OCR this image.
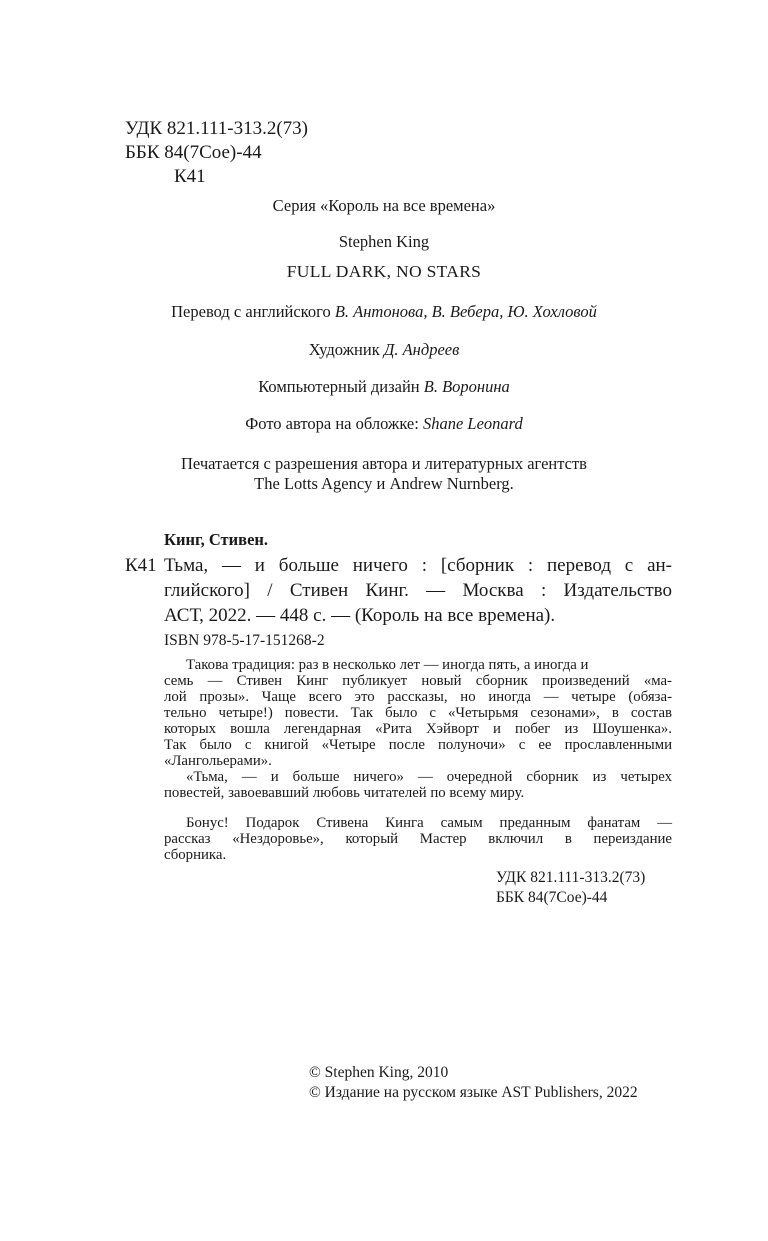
УДК 821.111-313.2(73)
ББК 84(7Сое)-44
К41
Серия «Король на все времена»
Stephen King
FULL DARK, NO STARS
Перевод с английского В. Антонова, В. Вебера, Ю. Хохловой
Художник Д. Андреев
Компьютерный дизайн В. Воронина
Фото автора на обложке: Shane Leonard
Печатается с разрешения автора и литературных агентств
The Lotts Agency и Andrew Nurnberg.
Кинг, Стивен.
К41 Тьма, — и больше ничего : [сборник : перевод с ан-
глийского] / Стивен Кинг. — Москва : Издательство
АСТ, 2022. — 448 с. — (Король на все времена).
ISBN 978-5-17-151268-2
Такова традиция: раз в несколько лет — иногда пять, а иногда и
семь — Стивен Кинг публикует новый сборник произведений «ма-
лой прозы». Чаще всего это рассказы, но иногда — четыре (обяза-
тельно четыре!) повести. Так было с «Четырьмя сезонами», в состав
которых вошла легендарная «Рита Хэйворт и побег из Шоушенка».
Так было с книгой «Четыре после полуночи» с ее прославленными
«Лангольерами».
«Тьма, — и больше ничего» — очередной сборник из четырех
повестей, завоевавший любовь читателей по всему миру.
Бонус! Подарок Стивена Кинга самым преданным фанатам —
рассказ «Нездоровье», который Мастер включил в переиздание
сборника.
УДК 821.111-313.2(73)
ББК 84(7Сое)-44
© Stephen King, 2010
© Издание на русском языке AST Publishers, 2022
